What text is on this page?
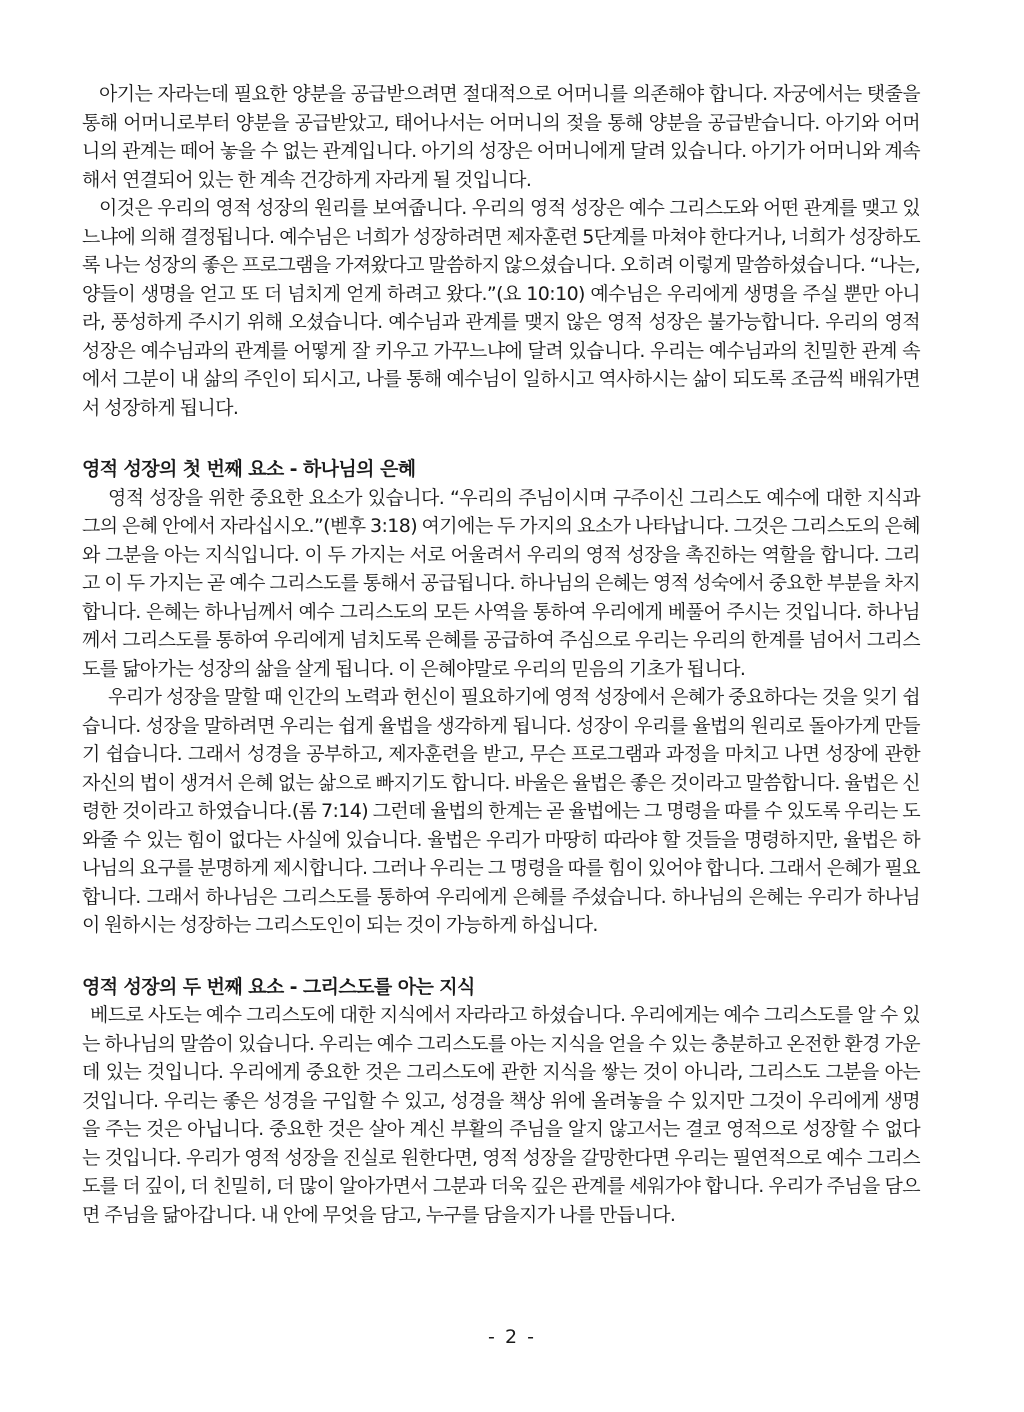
아기는 자라는데 필요한 양분을 공급받으려면 절대적으로 어머니를 의존해야 합니다. 자궁에서는 탯줄을 통해 어머니로부터 양분을 공급받았고, 태어나서는 어머니의 젖을 통해 양분을 공급받습니다. 아기와 어머니의 관계는 떼어 놓을 수 없는 관계입니다. 아기의 성장은 어머니에게 달려 있습니다. 아기가 어머니와 계속해서 연결되어 있는 한 계속 건강하게 자라게 될 것입니다.

이것은 우리의 영적 성장의 원리를 보여줍니다. 우리의 영적 성장은 예수 그리스도와 어떤 관계를 맺고 있느냐에 의해 결정됩니다. 예수님은 너희가 성장하려면 제자훈련 5단계를 마쳐야 한다거나, 너희가 성장하도록 나는 성장의 좋은 프로그램을 가져왔다고 말씀하지 않으셨습니다. 오히려 이렇게 말씀하셨습니다. “나는, 양들이 생명을 얻고 또 더 넘치게 얻게 하려고 왔다.”(요 10:10) 예수님은 우리에게 생명을 주실 뿐만 아니라, 풍성하게 주시기 위해 오셨습니다. 예수님과 관계를 맺지 않은 영적 성장은 불가능합니다. 우리의 영적 성장은 예수님과의 관계를 어떻게 잘 키우고 가꾸느냐에 달려 있습니다. 우리는 예수님과의 친밀한 관계 속에서 그분이 내 삶의 주인이 되시고, 나를 통해 예수님이 일하시고 역사하시는 삶이 되도록 조금씩 배워가면서 성장하게 됩니다.

영적 성장의 첫 번째 요소 - 하나님의 은혜

영적 성장을 위한 중요한 요소가 있습니다. “우리의 주님이시며 구주이신 그리스도 예수에 대한 지식과 그의 은혜 안에서 자라십시오.”(벧후 3:18) 여기에는 두 가지의 요소가 나타납니다. 그것은 그리스도의 은혜와 그분을 아는 지식입니다. 이 두 가지는 서로 어울려서 우리의 영적 성장을 촉진하는 역할을 합니다. 그리고 이 두 가지는 곧 예수 그리스도를 통해서 공급됩니다. 하나님의 은혜는 영적 성숙에서 중요한 부분을 차지합니다. 은혜는 하나님께서 예수 그리스도의 모든 사역을 통하여 우리에게 베풀어 주시는 것입니다. 하나님께서 그리스도를 통하여 우리에게 넘치도록 은혜를 공급하여 주심으로 우리는 우리의 한계를 넘어서 그리스도를 닮아가는 성장의 삶을 살게 됩니다. 이 은혜야말로 우리의 믿음의 기초가 됩니다.

우리가 성장을 말할 때 인간의 노력과 헌신이 필요하기에 영적 성장에서 은혜가 중요하다는 것을 잊기 쉽습니다. 성장을 말하려면 우리는 쉽게 율법을 생각하게 됩니다. 성장이 우리를 율법의 원리로 돌아가게 만들기 쉽습니다. 그래서 성경을 공부하고, 제자훈련을 받고, 무슨 프로그램과 과정을 마치고 나면 성장에 관한 자신의 법이 생겨서 은혜 없는 삶으로 빠지기도 합니다. 바울은 율법은 좋은 것이라고 말씀합니다. 율법은 신령한 것이라고 하였습니다.(롬 7:14) 그런데 율법의 한계는 곧 율법에는 그 명령을 따를 수 있도록 우리는 도와줄 수 있는 힘이 없다는 사실에 있습니다. 율법은 우리가 마땅히 따라야 할 것들을 명령하지만, 율법은 하나님의 요구를 분명하게 제시합니다. 그러나 우리는 그 명령을 따를 힘이 있어야 합니다. 그래서 은혜가 필요합니다. 그래서 하나님은 그리스도를 통하여 우리에게 은혜를 주셨습니다. 하나님의 은혜는 우리가 하나님이 원하시는 성장하는 그리스도인이 되는 것이 가능하게 하십니다.

영적 성장의 두 번째 요소 - 그리스도를 아는 지식

베드로 사도는 예수 그리스도에 대한 지식에서 자라라고 하셨습니다. 우리에게는 예수 그리스도를 알 수 있는 하나님의 말씀이 있습니다. 우리는 예수 그리스도를 아는 지식을 얻을 수 있는 충분하고 온전한 환경 가운데 있는 것입니다. 우리에게 중요한 것은 그리스도에 관한 지식을 쌓는 것이 아니라, 그리스도 그분을 아는 것입니다. 우리는 좋은 성경을 구입할 수 있고, 성경을 책상 위에 올려놓을 수 있지만 그것이 우리에게 생명을 주는 것은 아닙니다. 중요한 것은 살아 계신 부활의 주님을 알지 않고서는 결코 영적으로 성장할 수 없다는 것입니다. 우리가 영적 성장을 진실로 원한다면, 영적 성장을 갈망한다면 우리는 필연적으로 예수 그리스도를 더 깊이, 더 친밀히, 더 많이 알아가면서 그분과 더욱 깊은 관계를 세워가야 합니다. 우리가 주님을 담으면 주님을 닮아갑니다. 내 안에 무엇을 담고, 누구를 담을지가 나를 만듭니다.

- 2 -
